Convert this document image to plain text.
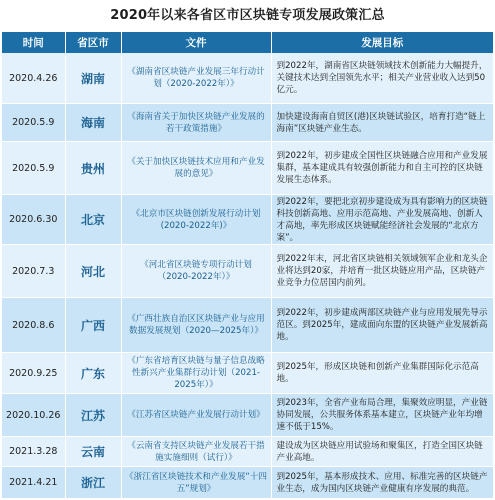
2020年以来各省区市区块链专项发展政策汇总
时间	省区市	文件	发展目标
2020.4.26	湖南	《湖南省区块链产业发展三年行动计划（2020-2022年）》	到2022年，湖南省区块链领域技术创新能力大幅提升，关键技术达到全国领先水平；相关产业营业收入达到50亿元。
2020.5.9	海南	《海南省关于加快区块链产业发展的若干政策措施》	加快建设海南自贸区(港)区块链试验区，培育打造“链上海南”区块链产业生态。
2020.5.9	贵州	《关于加快区块链技术应用和产业发展的意见》	到2022年，初步建成全国性区块链融合应用和产业发展集群，基本建成具有较强创新能力和自主可控的区块链发展生态体系。
2020.6.30	北京	《北京市区块链创新发展行动计划(2020-2022年)》	到2022年，要把北京初步建设成为具有影响力的区块链科技创新高地、应用示范高地、产业发展高地、创新人才高地，率先形成区块链赋能经济社会发展的“北京方案”。
2020.7.3	河北	《河北省区块链专项行动计划（2020-2022年）》	到2022年末，河北省区块链相关领域领军企业和龙头企业将达到20家，并培育一批区块链应用产品，区块链产业竞争力位居国内前列。
2020.8.6	广西	《广西壮族自治区区块链产业与应用数据发展规划（2020—2025年）》	到2022年，初步建成两部区块链产业与应用发展先导示范区。到2025年，建成面向东盟的区块链产业发展新高地。
2020.9.25	广东	《广东省培育区块链与量子信息战略性新兴产业集群行动计划（2021-2025年）》	到2025年，形成区块链和创新产业集群国际化示范高地。
2020.10.26	江苏	《江苏省区块链产业发展行动计划》	到2023年，全省产业布局合理，集聚效应明显，产业链协同发展，公共服务体系基本建立，区块链产业年均增速不低于15%。
2021.3.28	云南	《云南省支持区块链产业发展若干措施实施细则（试行）》	建设成为区块链应用试验场和聚集区，打造全国区块链产业高地。
2021.4.21	浙江	《浙江省区块链技术和产业发展“十四五”规划》	到2025年，基本形成技术、应用、标准完善的区块链产业生态，成为国内区块链产业健康有序发展的典范。
